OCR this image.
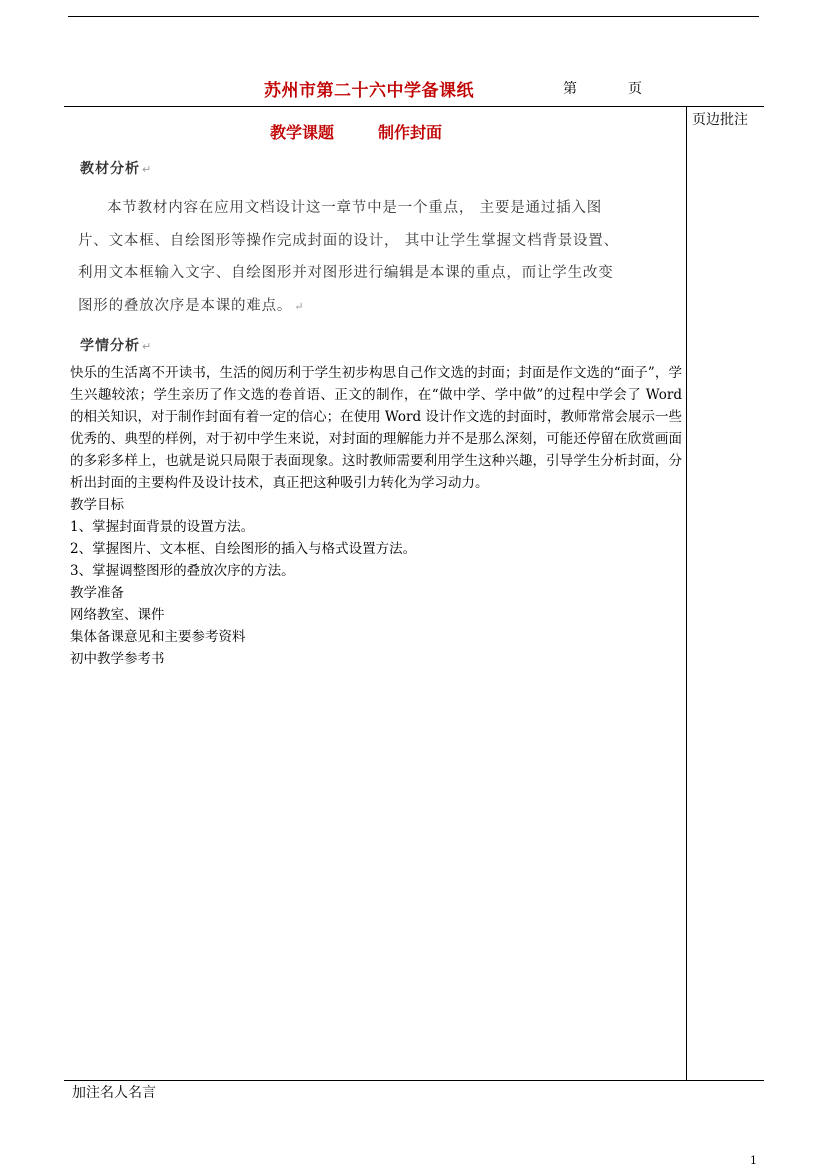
苏州市第二十六中学备课纸	第	页
页边批注
教学课题	制作封面
教材分析 ↵
本节教材内容在应用文档设计这一章节中是一个重点， 主要是通过插入图
片、文本框、自绘图形等操作完成封面的设计， 其中让学生掌握文档背景设置、
利用文本框输入文字、自绘图形并对图形进行编辑是本课的重点，而让学生改变
图形的叠放次序是本课的难点。 ↵
学情分析 ↵

快乐的生活离不开读书，生活的阅历利于学生初步构思自己作文选的封面；封面是作文选的“面子”，学生兴趣较浓；学生亲历了作文选的卷首语、正文的制作，在“做中学、学中做”的过程中学会了 Word 的相关知识，对于制作封面有着一定的信心；在使用 Word 设计作文选的封面时，教师常常会展示一些优秀的、典型的样例，对于初中学生来说，对封面的理解能力并不是那么深刻，可能还停留在欣赏画面的多彩多样上，也就是说只局限于表面现象。这时教师需要利用学生这种兴趣，引导学生分析封面，分析出封面的主要构件及设计技术，真正把这种吸引力转化为学习动力。

教学目标

1、掌握封面背景的设置方法。

2、掌握图片、文本框、自绘图形的插入与格式设置方法。

3、掌握调整图形的叠放次序的方法。

教学准备

网络教室、课件

集体备课意见和主要参考资料

初中教学参考书

加注名人名言
1
